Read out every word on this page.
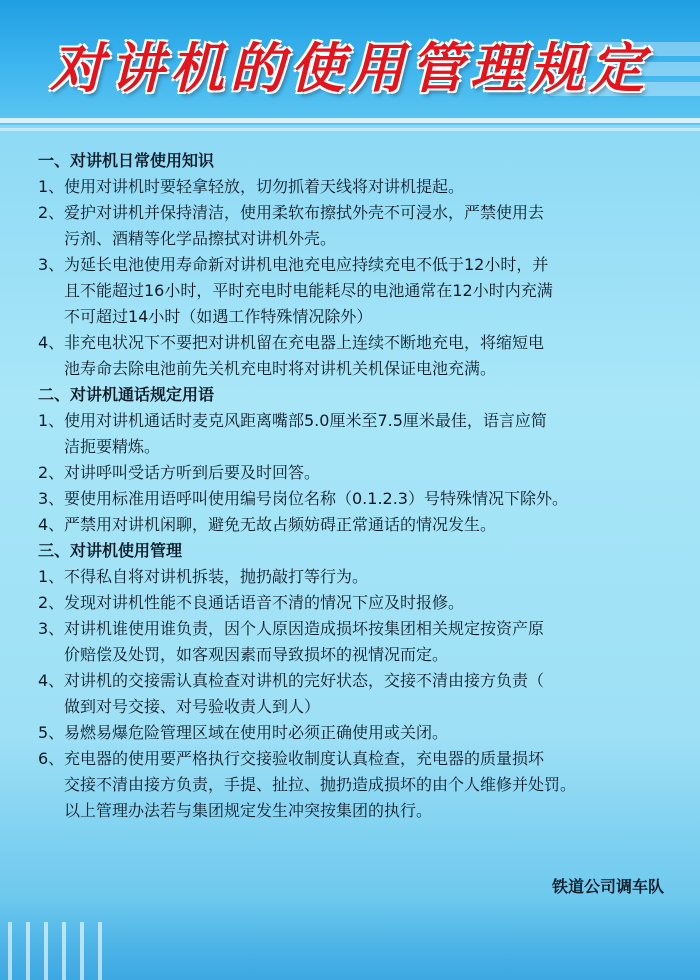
对讲机的使用管理规定
一、对讲机日常使用知识
1、 使用对讲机时要轻拿轻放，切勿抓着天线将对讲机提起。
2、 爱护对讲机并保持清洁，使用柔软布擦拭外壳不可浸水，严禁使用去
污剂、酒精等化学品擦拭对讲机外壳。
3、 为延长电池使用寿命新对讲机电池充电应持续充电不低于12小时，并
且不能超过16小时，平时充电时电能耗尽的电池通常在12小时内充满
不可超过14小时（如遇工作特殊情况除外）
4、 非充电状况下不要把对讲机留在充电器上连续不断地充电，将缩短电
池寿命去除电池前先关机充电时将对讲机关机保证电池充满。
二、对讲机通话规定用语
1、 使用对讲机通话时麦克风距离嘴部5.0厘米至7.5厘米最佳，语言应简
洁扼要精炼。
2、 对讲呼叫受话方听到后要及时回答。
3、 要使用标准用语呼叫使用编号岗位名称（0.1.2.3）号特殊情况下除外。
4、 严禁用对讲机闲聊，避免无故占频妨碍正常通话的情况发生。
三、对讲机使用管理
1、 不得私自将对讲机拆装，抛扔敲打等行为。
2、 发现对讲机性能不良通话语音不清的情况下应及时报修。
3、 对讲机谁使用谁负责，因个人原因造成损坏按集团相关规定按资产原
价赔偿及处罚，如客观因素而导致损坏的视情况而定。
4、 对讲机的交接需认真检查对讲机的完好状态，交接不清由接方负责（
做到对号交接、对号验收责人到人）
5、 易燃易爆危险管理区域在使用时必须正确使用或关闭。
6、 充电器的使用要严格执行交接验收制度认真检查，充电器的质量损坏
交接不清由接方负责，手提、扯拉、抛扔造成损坏的由个人维修并处罚。
以上管理办法若与集团规定发生冲突按集团的执行。
铁道公司调车队
